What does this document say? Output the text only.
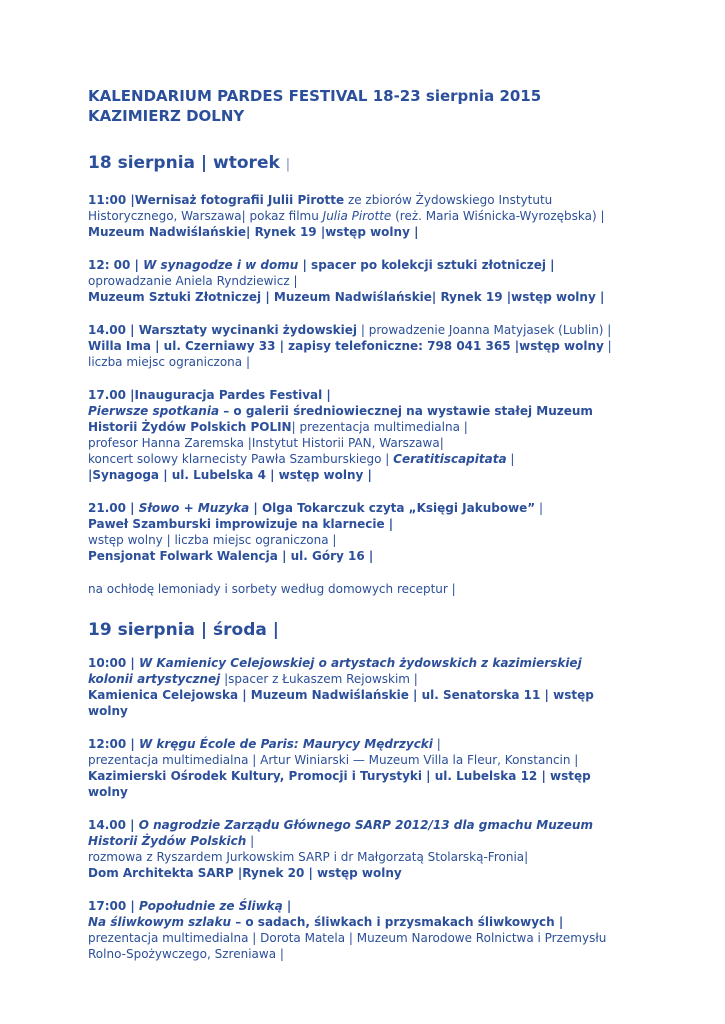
KALENDARIUM PARDES FESTIVAL 18-23 sierpnia 2015
KAZIMIERZ DOLNY

18 sierpnia | wtorek |

11:00 |Wernisaż fotografii Julii Pirotte ze zbiorów Żydowskiego Instytutu Historycznego, Warszawa| pokaz filmu Julia Pirotte (reż. Maria Wiśnicka-Wyrozębska) |
Muzeum Nadwiślańskie| Rynek 19 |wstęp wolny |

12: 00 | W synagodze i w domu | spacer po kolekcji sztuki złotniczej |
oprowadzanie Aniela Ryndziewicz |
Muzeum Sztuki Złotniczej | Muzeum Nadwiślańskie| Rynek 19 |wstęp wolny |

14.00 | Warsztaty wycinanki żydowskiej | prowadzenie Joanna Matyjasek (Lublin) |
Willa Ima | ul. Czerniawy 33 | zapisy telefoniczne: 798 041 365 |wstęp wolny | liczba miejsc ograniczona |

17.00 |Inauguracja Pardes Festival |
Pierwsze spotkania – o galerii średniowiecznej na wystawie stałej Muzeum Historii Żydów Polskich POLIN| prezentacja multimedialna |
profesor Hanna Zaremska |Instytut Historii PAN, Warszawa|
koncert solowy klarnecisty Pawła Szamburskiego | Ceratitiscapitata |
|Synagoga | ul. Lubelska 4 | wstęp wolny |

21.00 | Słowo + Muzyka | Olga Tokarczuk czyta „Księgi Jakubowe” |
Paweł Szamburski improwizuje na klarnecie |
wstęp wolny | liczba miejsc ograniczona |
Pensjonat Folwark Walencja | ul. Góry 16 |

na ochłodę lemoniady i sorbety według domowych receptur |

19 sierpnia | środa |

10:00 | W Kamienicy Celejowskiej o artystach żydowskich z kazimierskiej kolonii artystycznej |spacer z Łukaszem Rejowskim |
Kamienica Celejowska | Muzeum Nadwiślańskie | ul. Senatorska 11 | wstęp wolny

12:00 | W kręgu École de Paris: Maurycy Mędrzycki |
prezentacja multimedialna | Artur Winiarski — Muzeum Villa la Fleur, Konstancin |
Kazimierski Ośrodek Kultury, Promocji i Turystyki | ul. Lubelska 12 | wstęp wolny

14.00 | O nagrodzie Zarządu Głównego SARP 2012/13 dla gmachu Muzeum Historii Żydów Polskich |
rozmowa z Ryszardem Jurkowskim SARP i dr Małgorzatą Stolarską-Fronia|
Dom Architekta SARP |Rynek 20 | wstęp wolny

17:00 | Popołudnie ze Śliwką |
Na śliwkowym szlaku – o sadach, śliwkach i przysmakach śliwkowych | prezentacja multimedialna | Dorota Matela | Muzeum Narodowe Rolnictwa i Przemysłu Rolno-Spożywczego, Szreniawa |
